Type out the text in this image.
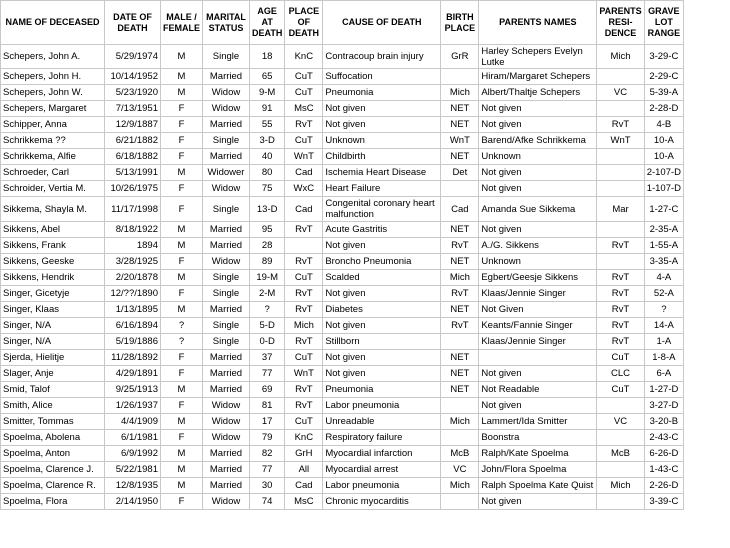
NAME OF DECEASED	DATE OF DEATH	MALE / FEMALE	MARITAL STATUS	AGE AT DEATH	PLACE OF DEATH	CAUSE OF DEATH	BIRTH PLACE	PARENTS NAMES	PARENTS RESI-DENCE	GRAVE LOT RANGE
Schepers, John A.	5/29/1974	M	Single	18	KnC	Contracoup brain injury	GrR	Harley Schepers Evelyn Lutke	Mich	3-29-C
Schepers, John H.	10/14/1952	M	Married	65	CuT	Suffocation		Hiram/Margaret Schepers		2-29-C
Schepers, John W.	5/23/1920	M	Widow	9-M	CuT	Pneumonia	Mich	Albert/Thaltje Schepers	VC	5-39-A
Schepers, Margaret	7/13/1951	F	Widow	91	MsC	Not given	NET	Not given		2-28-D
Schipper, Anna	12/9/1887	F	Married	55	RvT	Not given	NET	Not given	RvT	4-B
Schrikkema ??	6/21/1882	F	Single	3-D	CuT	Unknown	WnT	Barend/Afke Schrikkema	WnT	10-A
Schrikkema, Alfie	6/18/1882	F	Married	40	WnT	Childbirth	NET	Unknown		10-A
Schroeder, Carl	5/13/1991	M	Widower	80	Cad	Ischemia Heart Disease	Det	Not given		2-107-D
Schroider, Vertia M.	10/26/1975	F	Widow	75	WxC	Heart Failure		Not given		1-107-D
Sikkema, Shayla M.	11/17/1998	F	Single	13-D	Cad	Congenital coronary heart malfunction	Cad	Amanda Sue Sikkema	Mar	1-27-C
Sikkens, Abel	8/18/1922	M	Married	95	RvT	Acute Gastritis	NET	Not given		2-35-A
Sikkens, Frank	1894	M	Married	28		Not given	RvT	A./G. Sikkens	RvT	1-55-A
Sikkens, Geeske	3/28/1925	F	Widow	89	RvT	Broncho Pneumonia	NET	Unknown		3-35-A
Sikkens, Hendrik	2/20/1878	M	Single	19-M	CuT	Scalded	Mich	Egbert/Geesje Sikkens	RvT	4-A
Singer, Gicetyje	12/??/1890	F	Single	2-M	RvT	Not given	RvT	Klaas/Jennie Singer	RvT	52-A
Singer, Klaas	1/13/1895	M	Married	?	RvT	Diabetes	NET	Not Given	RvT	?
Singer, N/A	6/16/1894	?	Single	5-D	Mich	Not given	RvT	Keants/Fannie Singer	RvT	14-A
Singer, N/A	5/19/1886	?	Single	0-D	RvT	Stillborn		Klaas/Jennie Singer	RvT	1-A
Sjerda, Hielitje	11/28/1892	F	Married	37	CuT	Not given	NET		CuT	1-8-A
Slager, Anje	4/29/1891	F	Married	77	WnT	Not given	NET	Not given	CLC	6-A
Smid, Talof	9/25/1913	M	Married	69	RvT	Pneumonia	NET	Not Readable	CuT	1-27-D
Smith, Alice	1/26/1937	F	Widow	81	RvT	Labor pneumonia		Not given		3-27-D
Smitter, Tommas	4/4/1909	M	Widow	17	CuT	Unreadable	Mich	Lammert/Ida Smitter	VC	3-20-B
Spoelma, Abolena	6/1/1981	F	Widow	79	KnC	Respiratory failure		Boonstra		2-43-C
Spoelma, Anton	6/9/1992	M	Married	82	GrH	Myocardial infarction	McB	Ralph/Kate Spoelma	McB	6-26-D
Spoelma, Clarence J.	5/22/1981	M	Married	77	All	Myocardial arrest	VC	John/Flora Spoelma		1-43-C
Spoelma, Clarence R.	12/8/1935	M	Married	30	Cad	Labor pneumonia	Mich	Ralph Spoelma Kate Quist	Mich	2-26-D
Spoelma, Flora	2/14/1950	F	Widow	74	MsC	Chronic myocarditis		Not given		3-39-C
